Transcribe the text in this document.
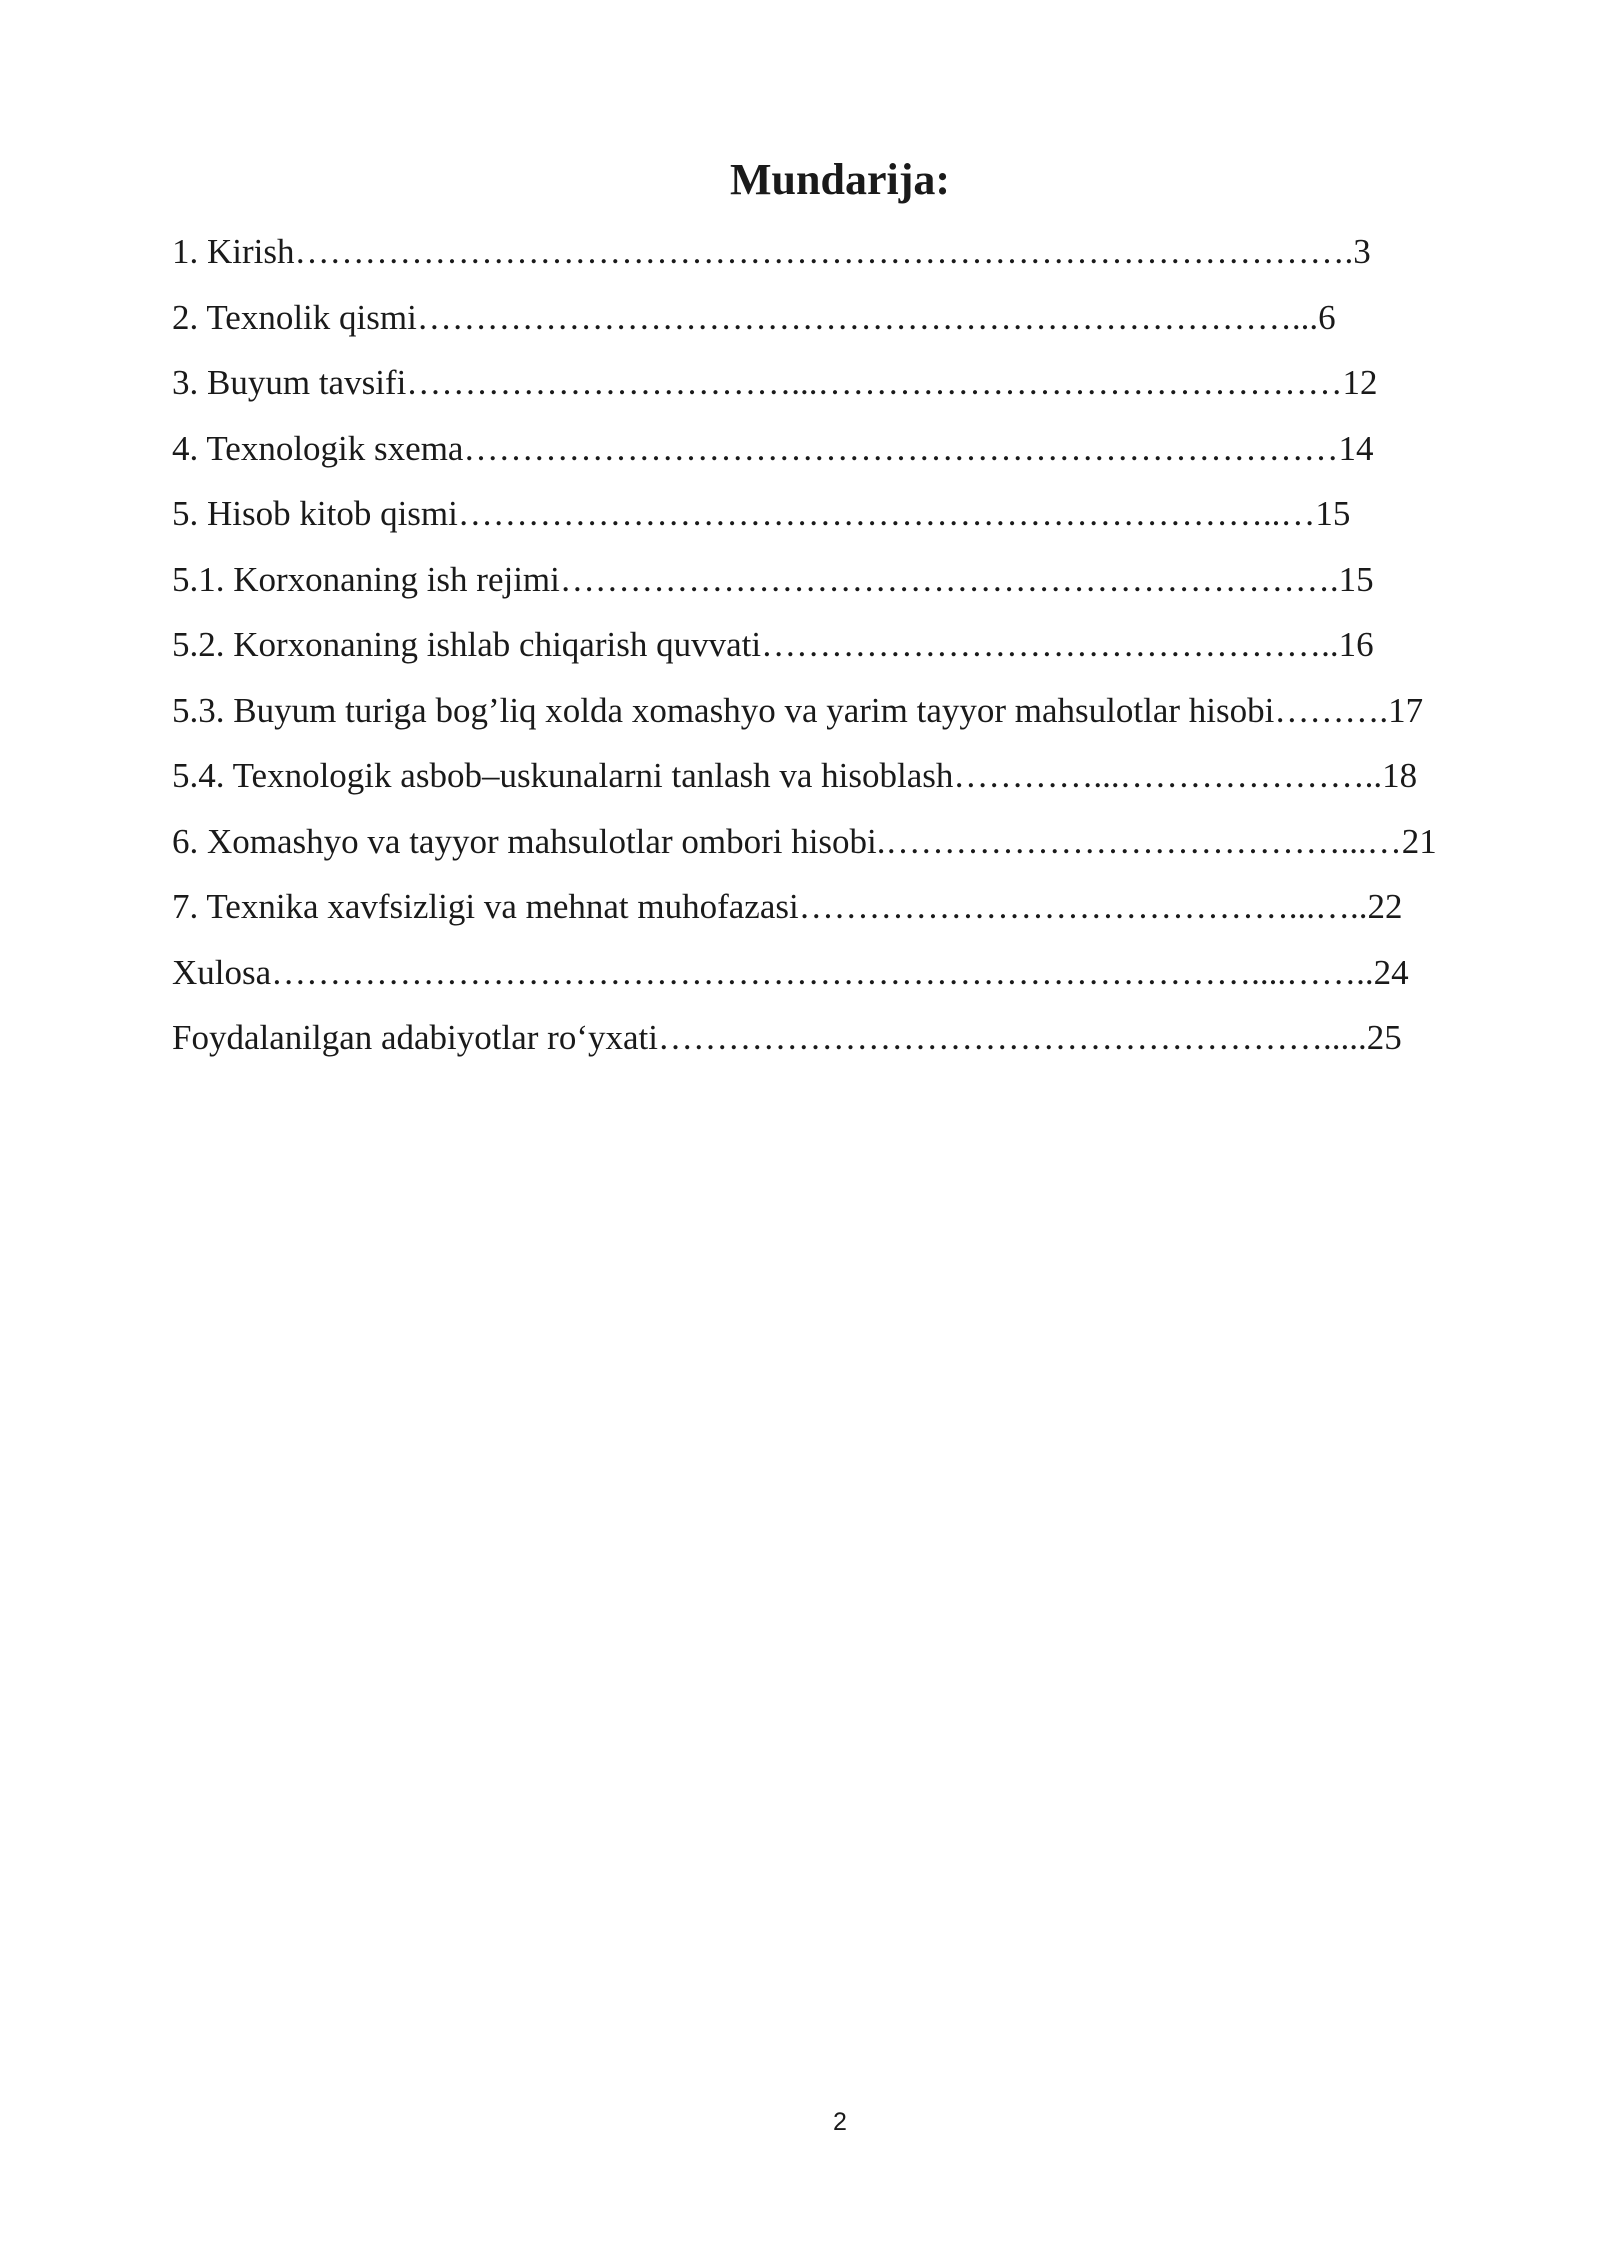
Mundarija:
1. Kirish……………………………………………………………………………….3
2. Texnolik qismi…………………………………………………………………...6
3. Buyum tavsifi……………………………...………………………………………12
4. Texnologik sxema…………………………………………………………………14
5. Hisob kitob qismi……………………………………………………………..…15
5.1. Korxonaning ish rejimi………………………………………………………….15
5.2. Korxonaning ishlab chiqarish quvvati…………………………………………..16
5.3. Buyum turiga bog’liq xolda xomashyo va yarim tayyor mahsulotlar hisobi……….17
5.4. Texnologik asbob–uskunalarni tanlash va hisoblash…………...…………………..18
6. Xomashyo va tayyor mahsulotlar ombori hisobi.…………………………………...…21
7. Texnika xavfsizligi va mehnat muhofazasi……………………………………...…..22
Xulosa…………………………………………………………………………....……..24
Foydalanilgan adabiyotlar ro‘yxati………………………………………………….....25
2
